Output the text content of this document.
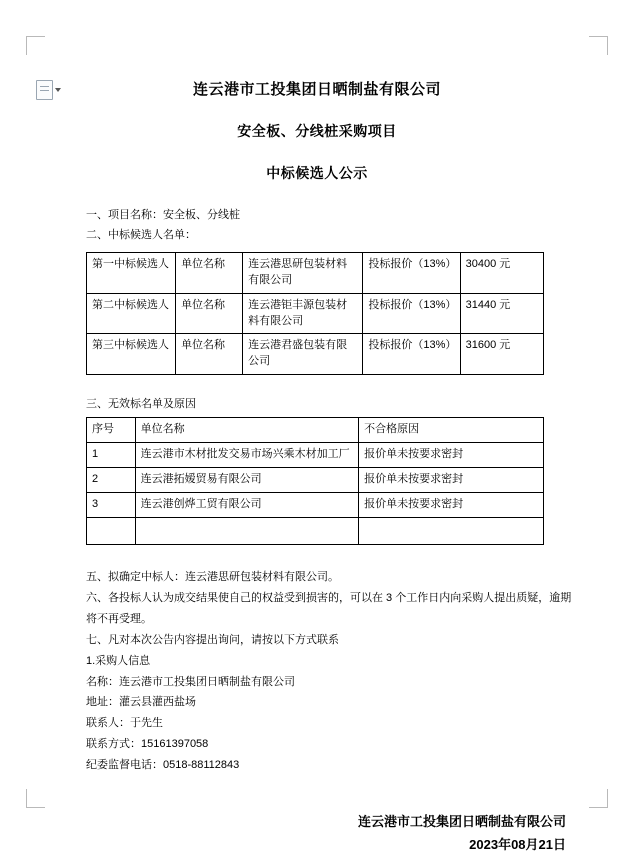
连云港市工投集团日晒制盐有限公司
安全板、分线桩采购项目
中标候选人公示
一、项目名称：安全板、分线桩
二、中标候选人名单：
第一中标候选人	单位名称	连云港思研包装材料有限公司	投标报价（13%）	30400 元
第二中标候选人	单位名称	连云港钜丰源包装材料有限公司	投标报价（13%）	31440 元
第三中标候选人	单位名称	连云港君盛包装有限公司	投标报价（13%）	31600 元
三、无效标名单及原因
序号	单位名称	不合格原因
1	连云港市木材批发交易市场兴乘木材加工厂	报价单未按要求密封
2	连云港拓嫒贸易有限公司	报价单未按要求密封
3	连云港创烨工贸有限公司	报价单未按要求密封

五、拟确定中标人：连云港思研包装材料有限公司。
六、各投标人认为成交结果使自己的权益受到损害的，可以在 3 个工作日内向采购人提出质疑，逾期将不再受理。
七、凡对本次公告内容提出询问，请按以下方式联系
1.采购人信息
名称：连云港市工投集团日晒制盐有限公司
地址：灌云县灌西盐场
联系人：于先生
联系方式：15161397058
纪委监督电话：0518-88112843
连云港市工投集团日晒制盐有限公司
2023年08月21日
